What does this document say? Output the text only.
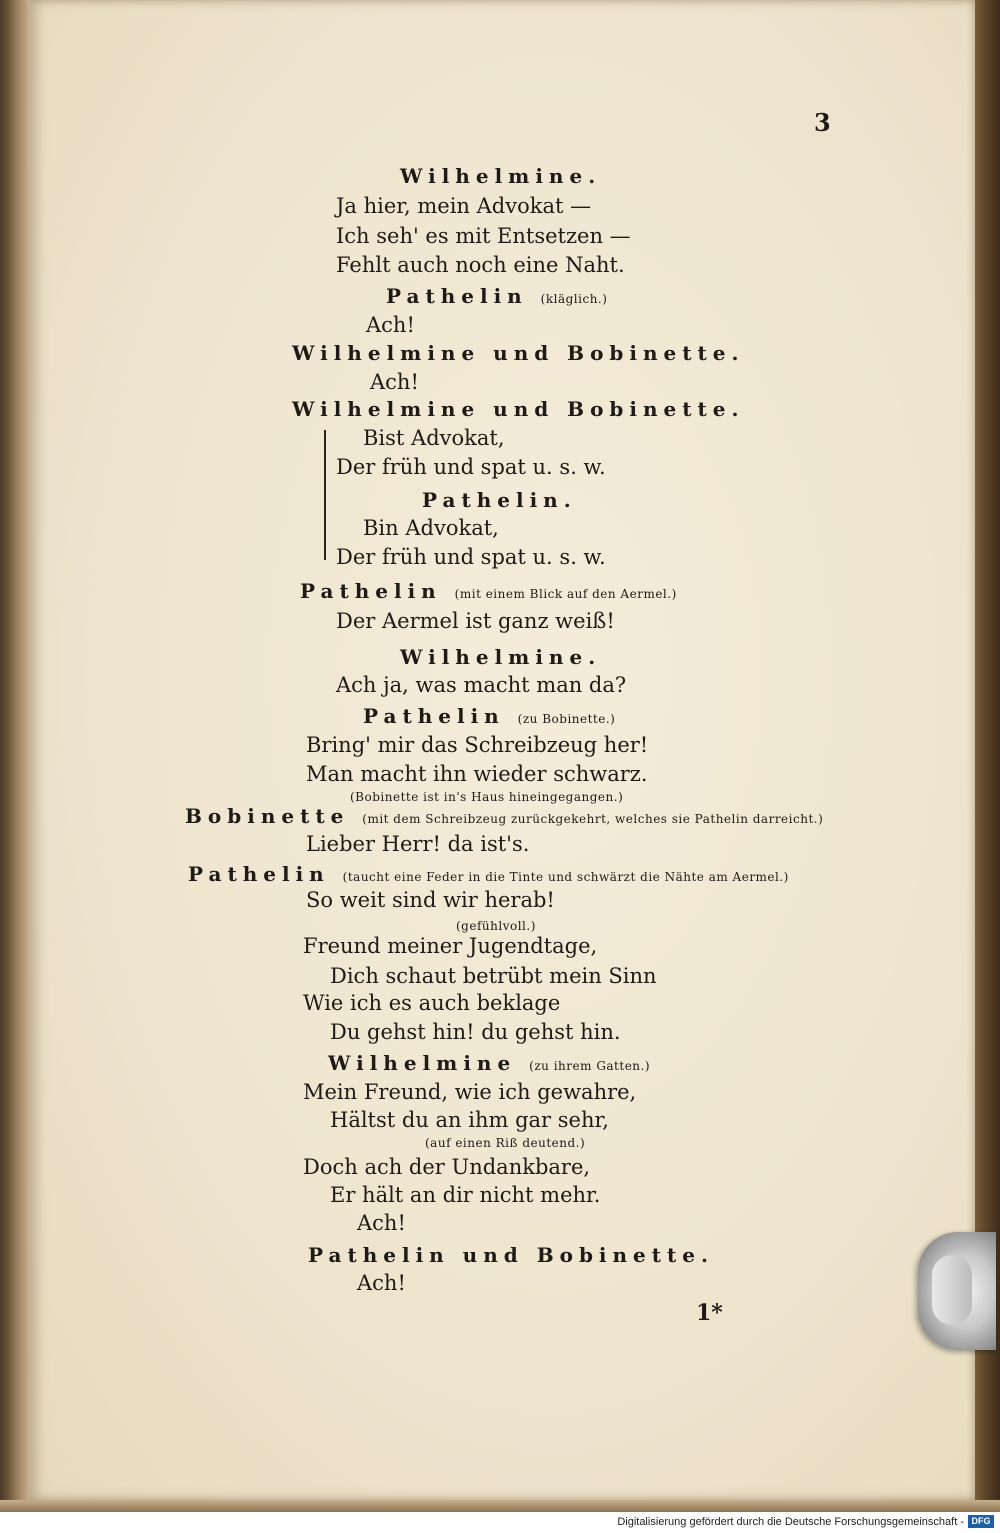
3
Wilhelmine.
Ja hier, mein Advokat —
Ich seh' es mit Entsetzen —
Fehlt auch noch eine Naht.
Pathelin (kläglich.)
Ach!
Wilhelmine und Bobinette.
Ach!
Wilhelmine und Bobinette.
Bist Advokat,
Der früh und spat u. s. w.
Pathelin.
Bin Advokat,
Der früh und spat u. s. w.
Pathelin (mit einem Blick auf den Aermel.)
Der Aermel ist ganz weiß!
Wilhelmine.
Ach ja, was macht man da?
Pathelin (zu Bobinette.)
Bring' mir das Schreibzeug her!
Man macht ihn wieder schwarz.
(Bobinette ist in's Haus hineingegangen.)
Bobinette (mit dem Schreibzeug zurückgekehrt, welches sie Pathelin darreicht.)
Lieber Herr! da ist's.
Pathelin (taucht eine Feder in die Tinte und schwärzt die Nähte am Aermel.)
So weit sind wir herab!
(gefühlvoll.)
Freund meiner Jugendtage,
Dich schaut betrübt mein Sinn
Wie ich es auch beklage
Du gehst hin! du gehst hin.
Wilhelmine (zu ihrem Gatten.)
Mein Freund, wie ich gewahre,
Hältst du an ihm gar sehr,
(auf einen Riß deutend.)
Doch ach der Undankbare,
Er hält an dir nicht mehr.
Ach!
Pathelin und Bobinette.
Ach!
1*
Digitalisierung gefördert durch die Deutsche Forschungsgemeinschaft - DFG
